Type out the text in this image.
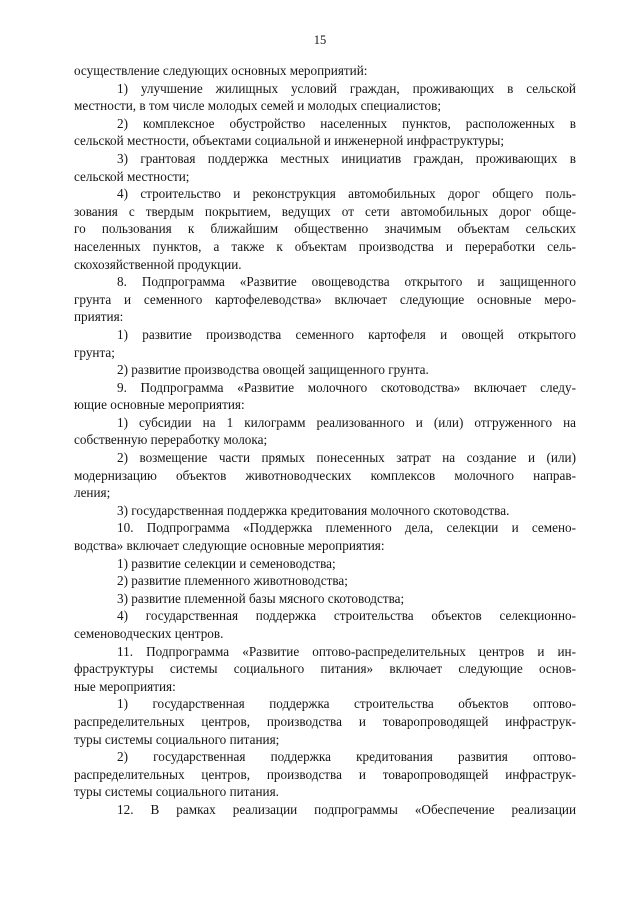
15
осуществление следующих основных мероприятий:
1) улучшение жилищных условий граждан, проживающих в сельской
местности, в том числе молодых семей и молодых специалистов;
2) комплексное обустройство населенных пунктов, расположенных в
сельской местности, объектами социальной и инженерной инфраструктуры;
3) грантовая поддержка местных инициатив граждан, проживающих в
сельской местности;
4) строительство и реконструкция автомобильных дорог общего поль-
зования с твердым покрытием, ведущих от сети автомобильных дорог обще-
го пользования к ближайшим общественно значимым объектам сельских
населенных пунктов, а также к объектам производства и переработки сель-
скохозяйственной продукции.
8. Подпрограмма «Развитие овощеводства открытого и защищенного
грунта и семенного картофелеводства» включает следующие основные меро-
приятия:
1) развитие производства семенного картофеля и овощей открытого
грунта;
2) развитие производства овощей защищенного грунта.
9. Подпрограмма «Развитие молочного скотоводства» включает следу-
ющие основные мероприятия:
1) субсидии на 1 килограмм реализованного и (или) отгруженного на
собственную переработку молока;
2) возмещение части прямых понесенных затрат на создание и (или)
модернизацию объектов животноводческих комплексов молочного направ-
ления;
3) государственная поддержка кредитования молочного скотоводства.
10. Подпрограмма «Поддержка племенного дела, селекции и семено-
водства» включает следующие основные мероприятия:
1) развитие селекции и семеноводства;
2) развитие племенного животноводства;
3) развитие племенной базы мясного скотоводства;
4) государственная поддержка строительства объектов селекционно-
семеноводческих центров.
11. Подпрограмма «Развитие оптово-распределительных центров и ин-
фраструктуры системы социального питания» включает следующие основ-
ные мероприятия:
1) государственная поддержка строительства объектов оптово-
распределительных центров, производства и товаропроводящей инфраструк-
туры системы социального питания;
2) государственная поддержка кредитования развития оптово-
распределительных центров, производства и товаропроводящей инфраструк-
туры системы социального питания.
12. В рамках реализации подпрограммы «Обеспечение реализации
